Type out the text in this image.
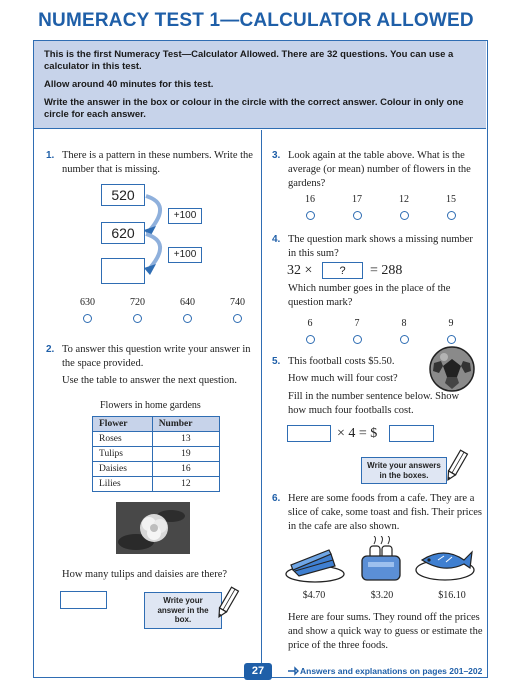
NUMERACY TEST 1—CALCULATOR ALLOWED

This is the first Numeracy Test—Calculator Allowed. There are 32 questions. You can use a calculator in this test.

Allow around 40 minutes for this test.

Write the answer in the box or colour in the circle with the correct answer. Colour in only one circle for each answer.

1. There is a pattern in these numbers. Write the number that is missing.
520
620
+100
+100
630	720	640	740
2. To answer this question write your answer in the space provided.
Use the table to answer the next question.
Flowers in home gardens
Flower	Number
Roses	13
Tulips	19
Daisies	16
Lilies	12
How many tulips and daisies are there?
Write your answer in the box.
3. Look again at the table above. What is the average (or mean) number of flowers in the gardens?
16	17	12	15
4. The question mark shows a missing number in this sum?
32 ×	?	= 288
Which number goes in the place of the question mark?
6	7	8	9
5. This football costs $5.50.
How much will four cost?
Fill in the number sentence below. Show how much four footballs cost.
× 4 = $
Write your answers in the boxes.
6. Here are some foods from a cafe. They are a slice of cake, some toast and fish. Their prices in the cafe are also shown.
$4.70	$3.20	$16.10
Here are four sums. They round off the prices and show a quick way to guess or estimate the price of the three foods.
27	Answers and explanations on pages 201–202
